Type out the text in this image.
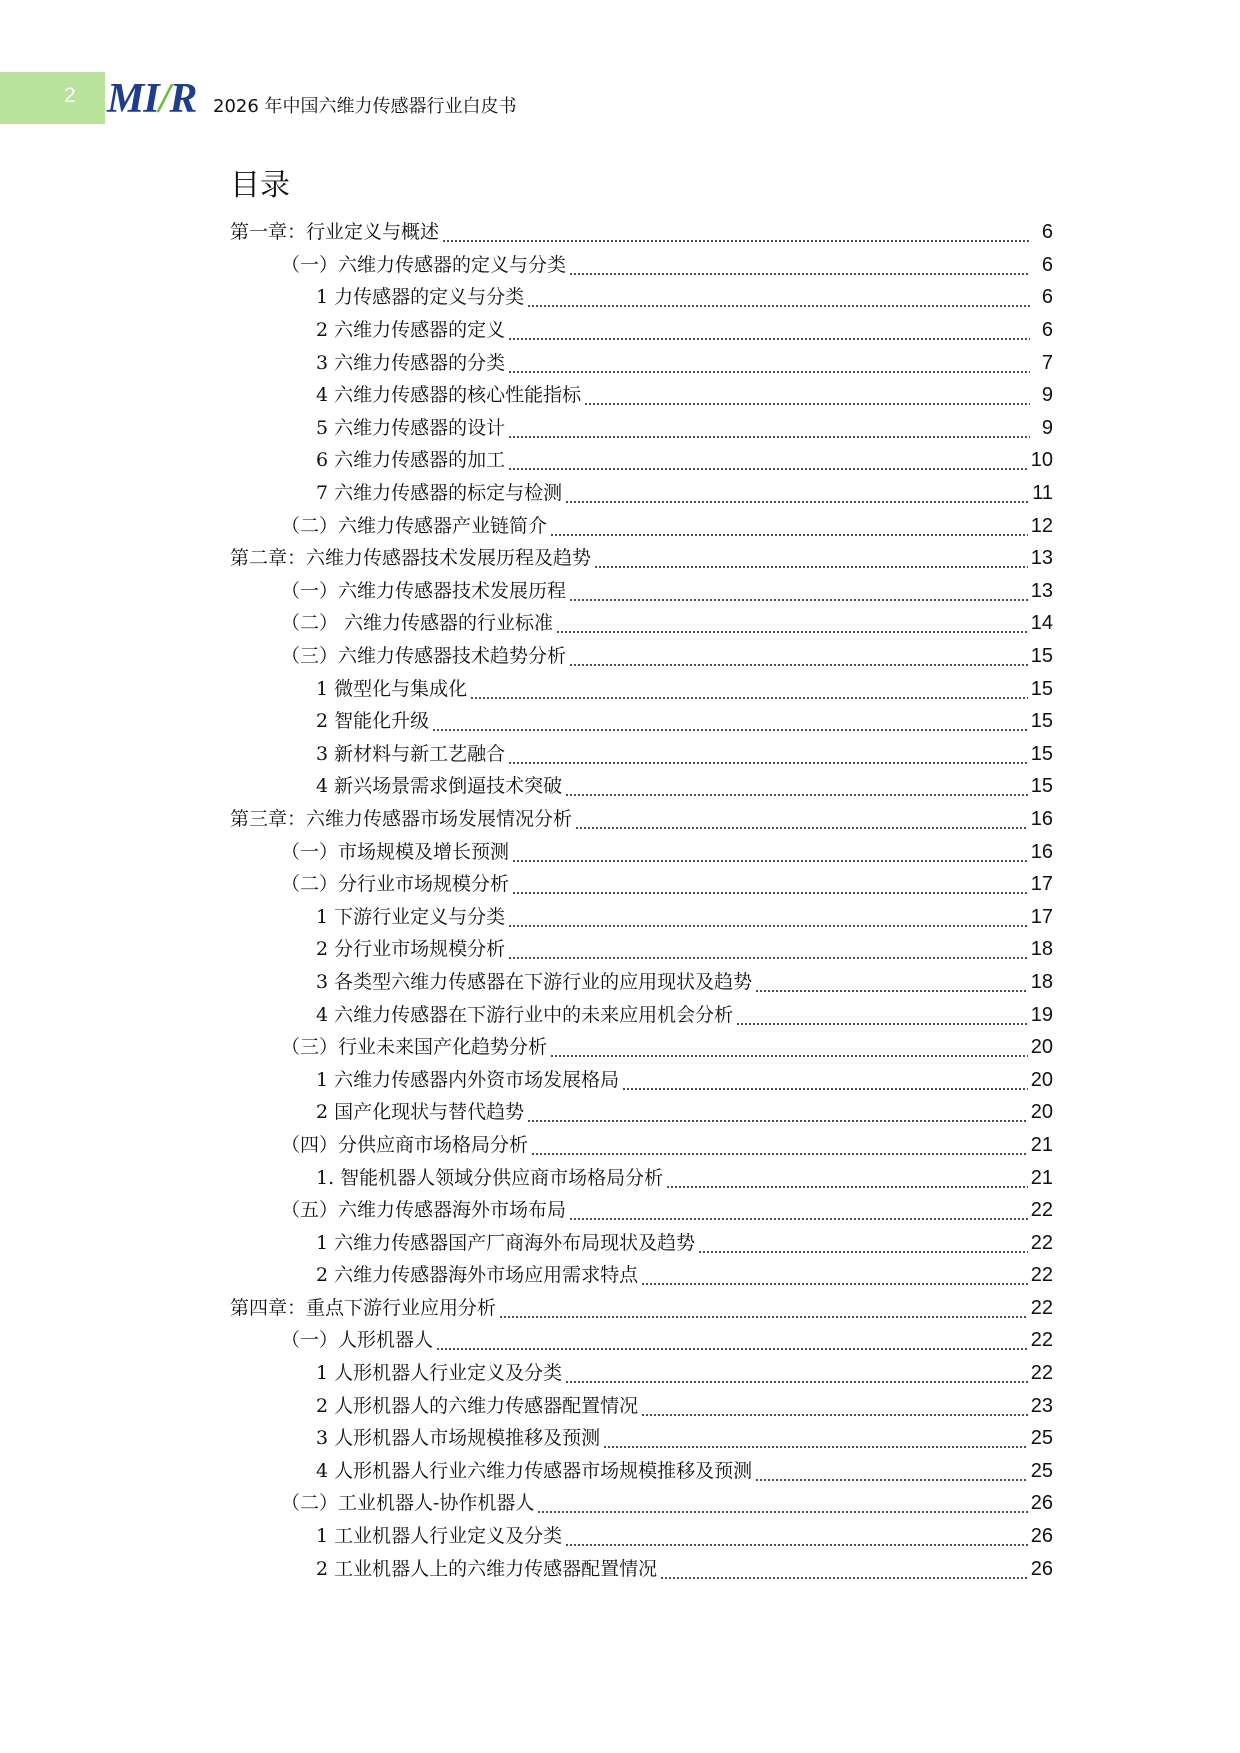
2 MI/R 2026 年中国六维力传感器行业白皮书
目录
第一章：行业定义与概述	6
（一）六维力传感器的定义与分类	6
1 力传感器的定义与分类	6
2 六维力传感器的定义	6
3 六维力传感器的分类	7
4 六维力传感器的核心性能指标	9
5 六维力传感器的设计	9
6 六维力传感器的加工	10
7 六维力传感器的标定与检测	11
（二）六维力传感器产业链简介	12
第二章：六维力传感器技术发展历程及趋势	13
（一）六维力传感器技术发展历程	13
（二） 六维力传感器的行业标准	14
（三）六维力传感器技术趋势分析	15
1 微型化与集成化	15
2 智能化升级	15
3 新材料与新工艺融合	15
4 新兴场景需求倒逼技术突破	15
第三章：六维力传感器市场发展情况分析	16
（一）市场规模及增长预测	16
（二）分行业市场规模分析	17
1 下游行业定义与分类	17
2 分行业市场规模分析	18
3 各类型六维力传感器在下游行业的应用现状及趋势	18
4 六维力传感器在下游行业中的未来应用机会分析	19
（三）行业未来国产化趋势分析	20
1 六维力传感器内外资市场发展格局	20
2 国产化现状与替代趋势	20
（四）分供应商市场格局分析	21
1. 智能机器人领域分供应商市场格局分析	21
（五）六维力传感器海外市场布局	22
1 六维力传感器国产厂商海外布局现状及趋势	22
2 六维力传感器海外市场应用需求特点	22
第四章：重点下游行业应用分析	22
（一）人形机器人	22
1 人形机器人行业定义及分类	22
2 人形机器人的六维力传感器配置情况	23
3 人形机器人市场规模推移及预测	25
4 人形机器人行业六维力传感器市场规模推移及预测	25
（二）工业机器人-协作机器人	26
1 工业机器人行业定义及分类	26
2 工业机器人上的六维力传感器配置情况	26
